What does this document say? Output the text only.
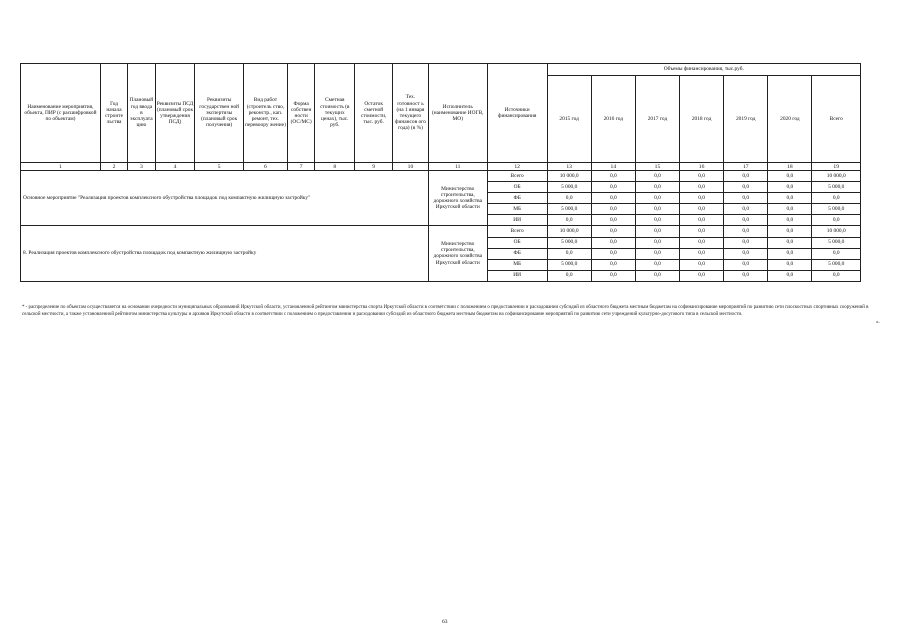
Наименование мероприятия, объекта, ПИР (с расшифровкой по объектам)	Год начала строите льства	Плановый год ввода в эксплуата цию	Реквизиты ПСД (плановый срок утверждения ПСД)	Реквизиты государствен ной экспертизы (плановый срок получения)	Вид работ (строитель ство, реконстр., кап. ремонт, тех. перевоору жение)	Форма собствен ности (ОС/МС)	Сметная стоимость (в текущих ценах), тыс. руб.	Остаток сметной стоимости, тыс. руб.	Тех. готовност ь (на 1 января текущего финансов ого года) (в %)	Исполнитель (наименование ИОГВ, МО)	Источники финансирования	Объемы финансирования, тыс.руб.						
												2015 год	2016 год	2017 год	2018 год	2019 год	2020 год	Всего
1	2	3	4	5	6	7	8	9	10	11	12	13	14	15	16	17	18	19
Основное мероприятие "Реализация проектов комплексного обустройства площадок под компактную жилищную застройку"										Министерство строительства, дорожного хозяйства Иркутской области	Всего	10 000,0	0,0	0,0	0,0	0,0	0,0	10 000,0
											ОБ	5 000,0	0,0	0,0	0,0	0,0	0,0	5 000,0
											ФБ	0,0	0,0	0,0	0,0	0,0	0,0	0,0
											МБ	5 000,0	0,0	0,0	0,0	0,0	0,0	5 000,0
											ИИ	0,0	0,0	0,0	0,0	0,0	0,0	0,0
8. Реализация проектов комплексного обустройства площадок под компактную жилищную застройку										Министерство строительства, дорожного хозяйства Иркутской области	Всего	10 000,0	0,0	0,0	0,0	0,0	0,0	10 000,0
											ОБ	5 000,0	0,0	0,0	0,0	0,0	0,0	5 000,0
											ФБ	0,0	0,0	0,0	0,0	0,0	0,0	0,0
											МБ	5 000,0	0,0	0,0	0,0	0,0	0,0	5 000,0
											ИИ	0,0	0,0	0,0	0,0	0,0	0,0	0,0
* - распределение по объектам осуществляется на основании очередности муниципальных образований Иркутской области, установленной рейтингом министерства спорта Иркутской области в соответствии с положением о предоставлении и расходовании субсидий из областного бюджета местным бюджетам на софинансирование мероприятий по развитию сети плоскостных спортивных сооружений в сельской местности, а также установленной рейтингом министерства культуры и архивов Иркутской области в соответствии с положением о предоставлении и расходовании субсидий из областного бюджета местным бюджетам на софинансирование мероприятий по развитию сети учреждений культурно-досугового типа в сельской местности.
«.
63
